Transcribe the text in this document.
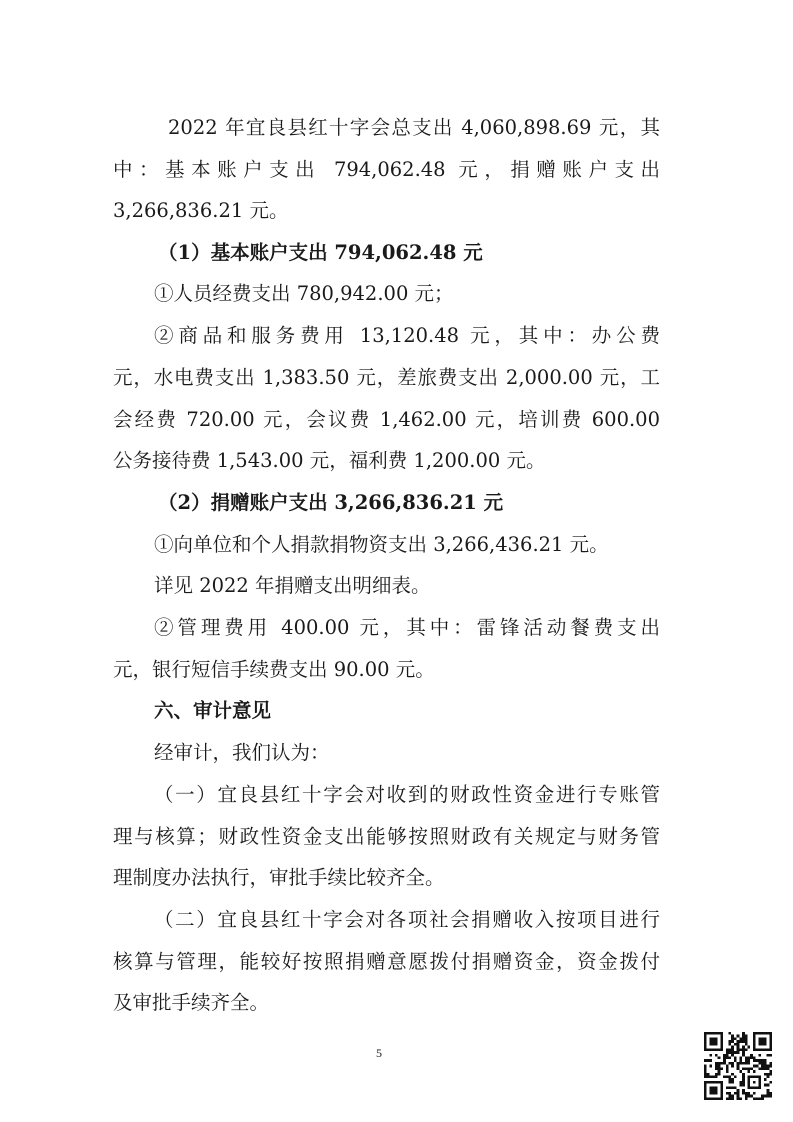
2022 年宜良县红十字会总支出 4,060,898.69 元，其
中：基本账户支出 794,062.48 元，捐赠账户支出
3,266,836.21 元。
（1）基本账户支出 794,062.48 元
①人员经费支出 780,942.00 元；
②商品和服务费用 13,120.48 元，其中：办公费
元，水电费支出 1,383.50 元，差旅费支出 2,000.00 元，工
会经费 720.00 元，会议费 1,462.00 元，培训费 600.00
公务接待费 1,543.00 元，福利费 1,200.00 元。
（2）捐赠账户支出 3,266,836.21 元
①向单位和个人捐款捐物资支出 3,266,436.21 元。
详见 2022 年捐赠支出明细表。
②管理费用 400.00 元，其中：雷锋活动餐费支出
元，银行短信手续费支出 90.00 元。
六、审计意见
经审计，我们认为：
（一）宜良县红十字会对收到的财政性资金进行专账管
理与核算；财政性资金支出能够按照财政有关规定与财务管
理制度办法执行，审批手续比较齐全。
（二）宜良县红十字会对各项社会捐赠收入按项目进行
核算与管理，能较好按照捐赠意愿拨付捐赠资金，资金拨付
及审批手续齐全。
5
